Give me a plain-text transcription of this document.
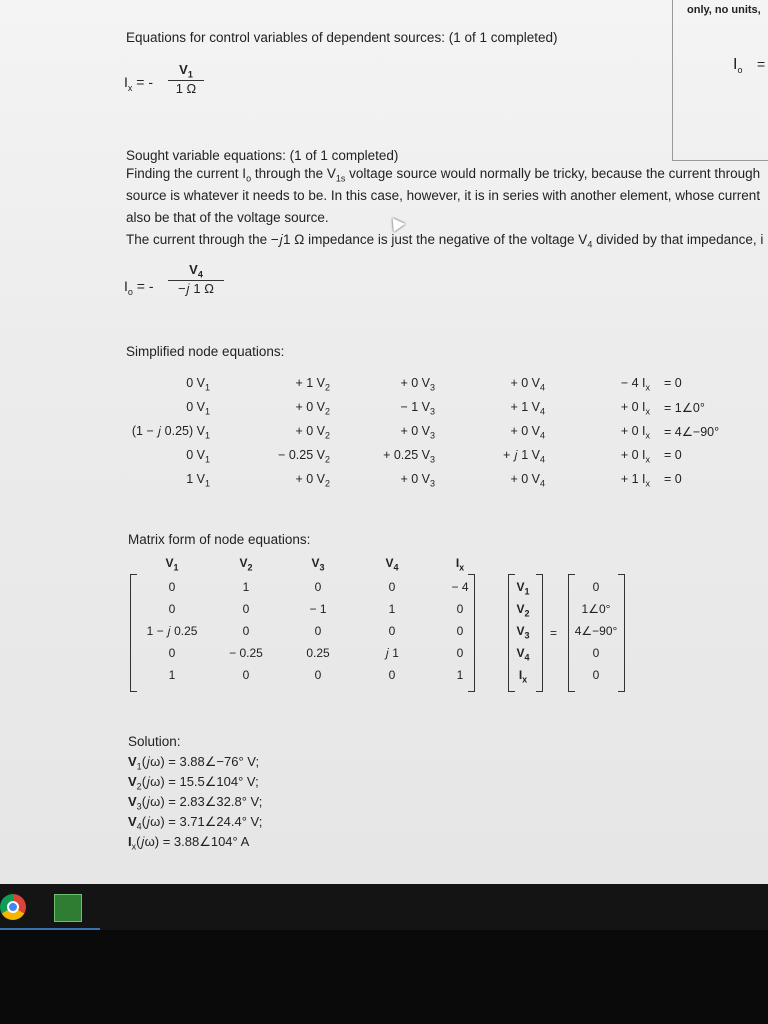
only, no units,
$I_o$ =
Equations for control variables of dependent sources: (1 of 1 completed)
$I_x$ = - $\frac{V_1}{1 \Omega}$
Sought variable equations: (1 of 1 completed)
Finding the current $I_o$ through the $V_{1s}$ voltage source would normally be tricky, because the current through
source is whatever it needs to be. In this case, however, it is in series with another element, whose current
also be that of the voltage source.
The current through the −𝑗1 Ω impedance is just the negative of the voltage $V_4$ divided by that impedance, i
$I_o$ = -
$V_4$
−𝑗 1 Ω
Simplified node equations:
0 $V_1$	+ 1 $V_2$	+ 0 $V_3$	+ 0 $V_4$	− 4 $I_x = 0$
0 $V_1$	+ 0 $V_2$	− 1 $V_3$	+ 1 $V_4$	+ 0 $I_x$ = 1∠0°
(1 − 𝑗 0.25) $V_1$	+ 0 $V_2$	+ 0 $V_3$	+ 0 $V_4$	+ 0 $I_x$ = 4∠−90°
0 $V_1$	− 0.25 $V_2$	+ 0.25 $V_3$	+ 𝑗 1 $V_4$	+ 0 $I_x = 0$
1 $V_1$	+ 0 $V_2$	+ 0 $V_3$	+ 0 $V_4$	+ 1 $I_x = 0$
Matrix form of node equations:
=
$V_1$	$V_2$	$V_3$	$V_4$	$I_x$
0	1	0	0	− 4
0	0	− 1	1	0
1 − 𝑗 0.25	0	0	0	0
0	− 0.25	0.25	𝑗 1	0
1	0	0	0	1
$V_1$
$V_2$
$V_3$
$V_4$
$I_x$
0
1∠0°
4∠−90°
0
0
Solution:
$V_1(𝑗\omega)$ = 3.88∠−76° V;
$V_2(𝑗\omega)$ = 15.5∠104° V;
$V_3(𝑗\omega)$ = 2.83∠32.8° V;
$V_4(𝑗\omega)$ = 3.71∠24.4° V;
$I_x(𝑗\omega)$ = 3.88∠104° A
